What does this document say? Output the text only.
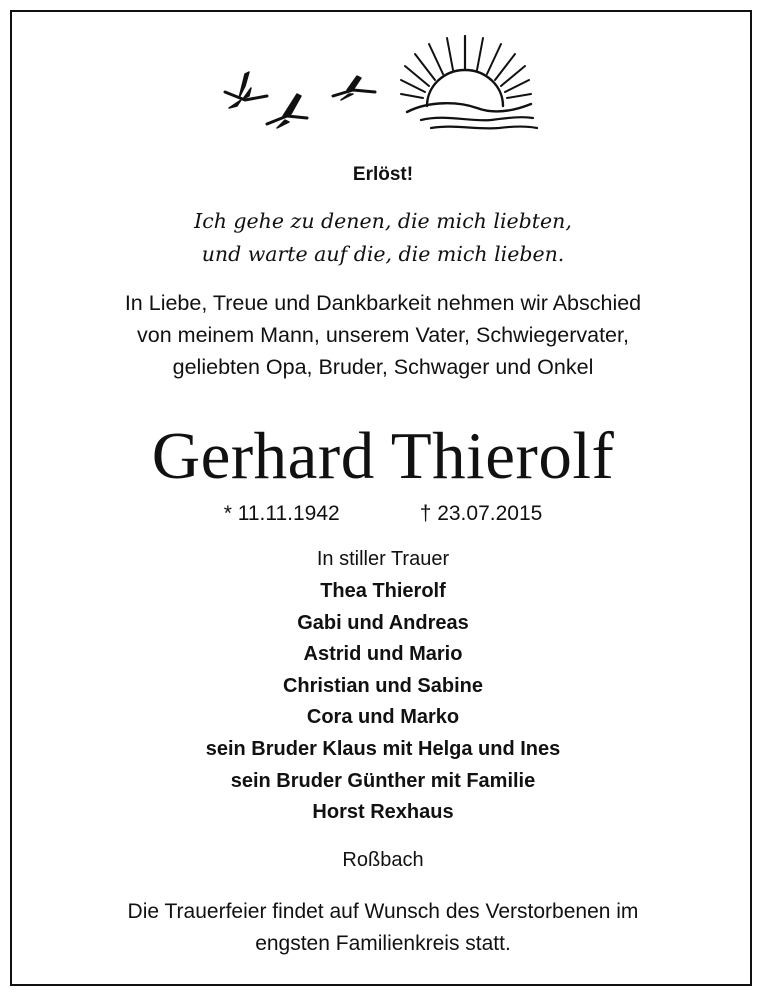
Erlöst!
Ich gehe zu denen, die mich liebten,
und warte auf die, die mich lieben.
In Liebe, Treue und Dankbarkeit nehmen wir Abschied
von meinem Mann, unserem Vater, Schwiegervater,
geliebten Opa, Bruder, Schwager und Onkel
Gerhard Thierolf
* 11.11.1942	† 23.07.2015
In stiller Trauer
Thea Thierolf
Gabi und Andreas
Astrid und Mario
Christian und Sabine
Cora und Marko
sein Bruder Klaus mit Helga und Ines
sein Bruder Günther mit Familie
Horst Rexhaus
Roßbach
Die Trauerfeier findet auf Wunsch des Verstorbenen im
engsten Familienkreis statt.
